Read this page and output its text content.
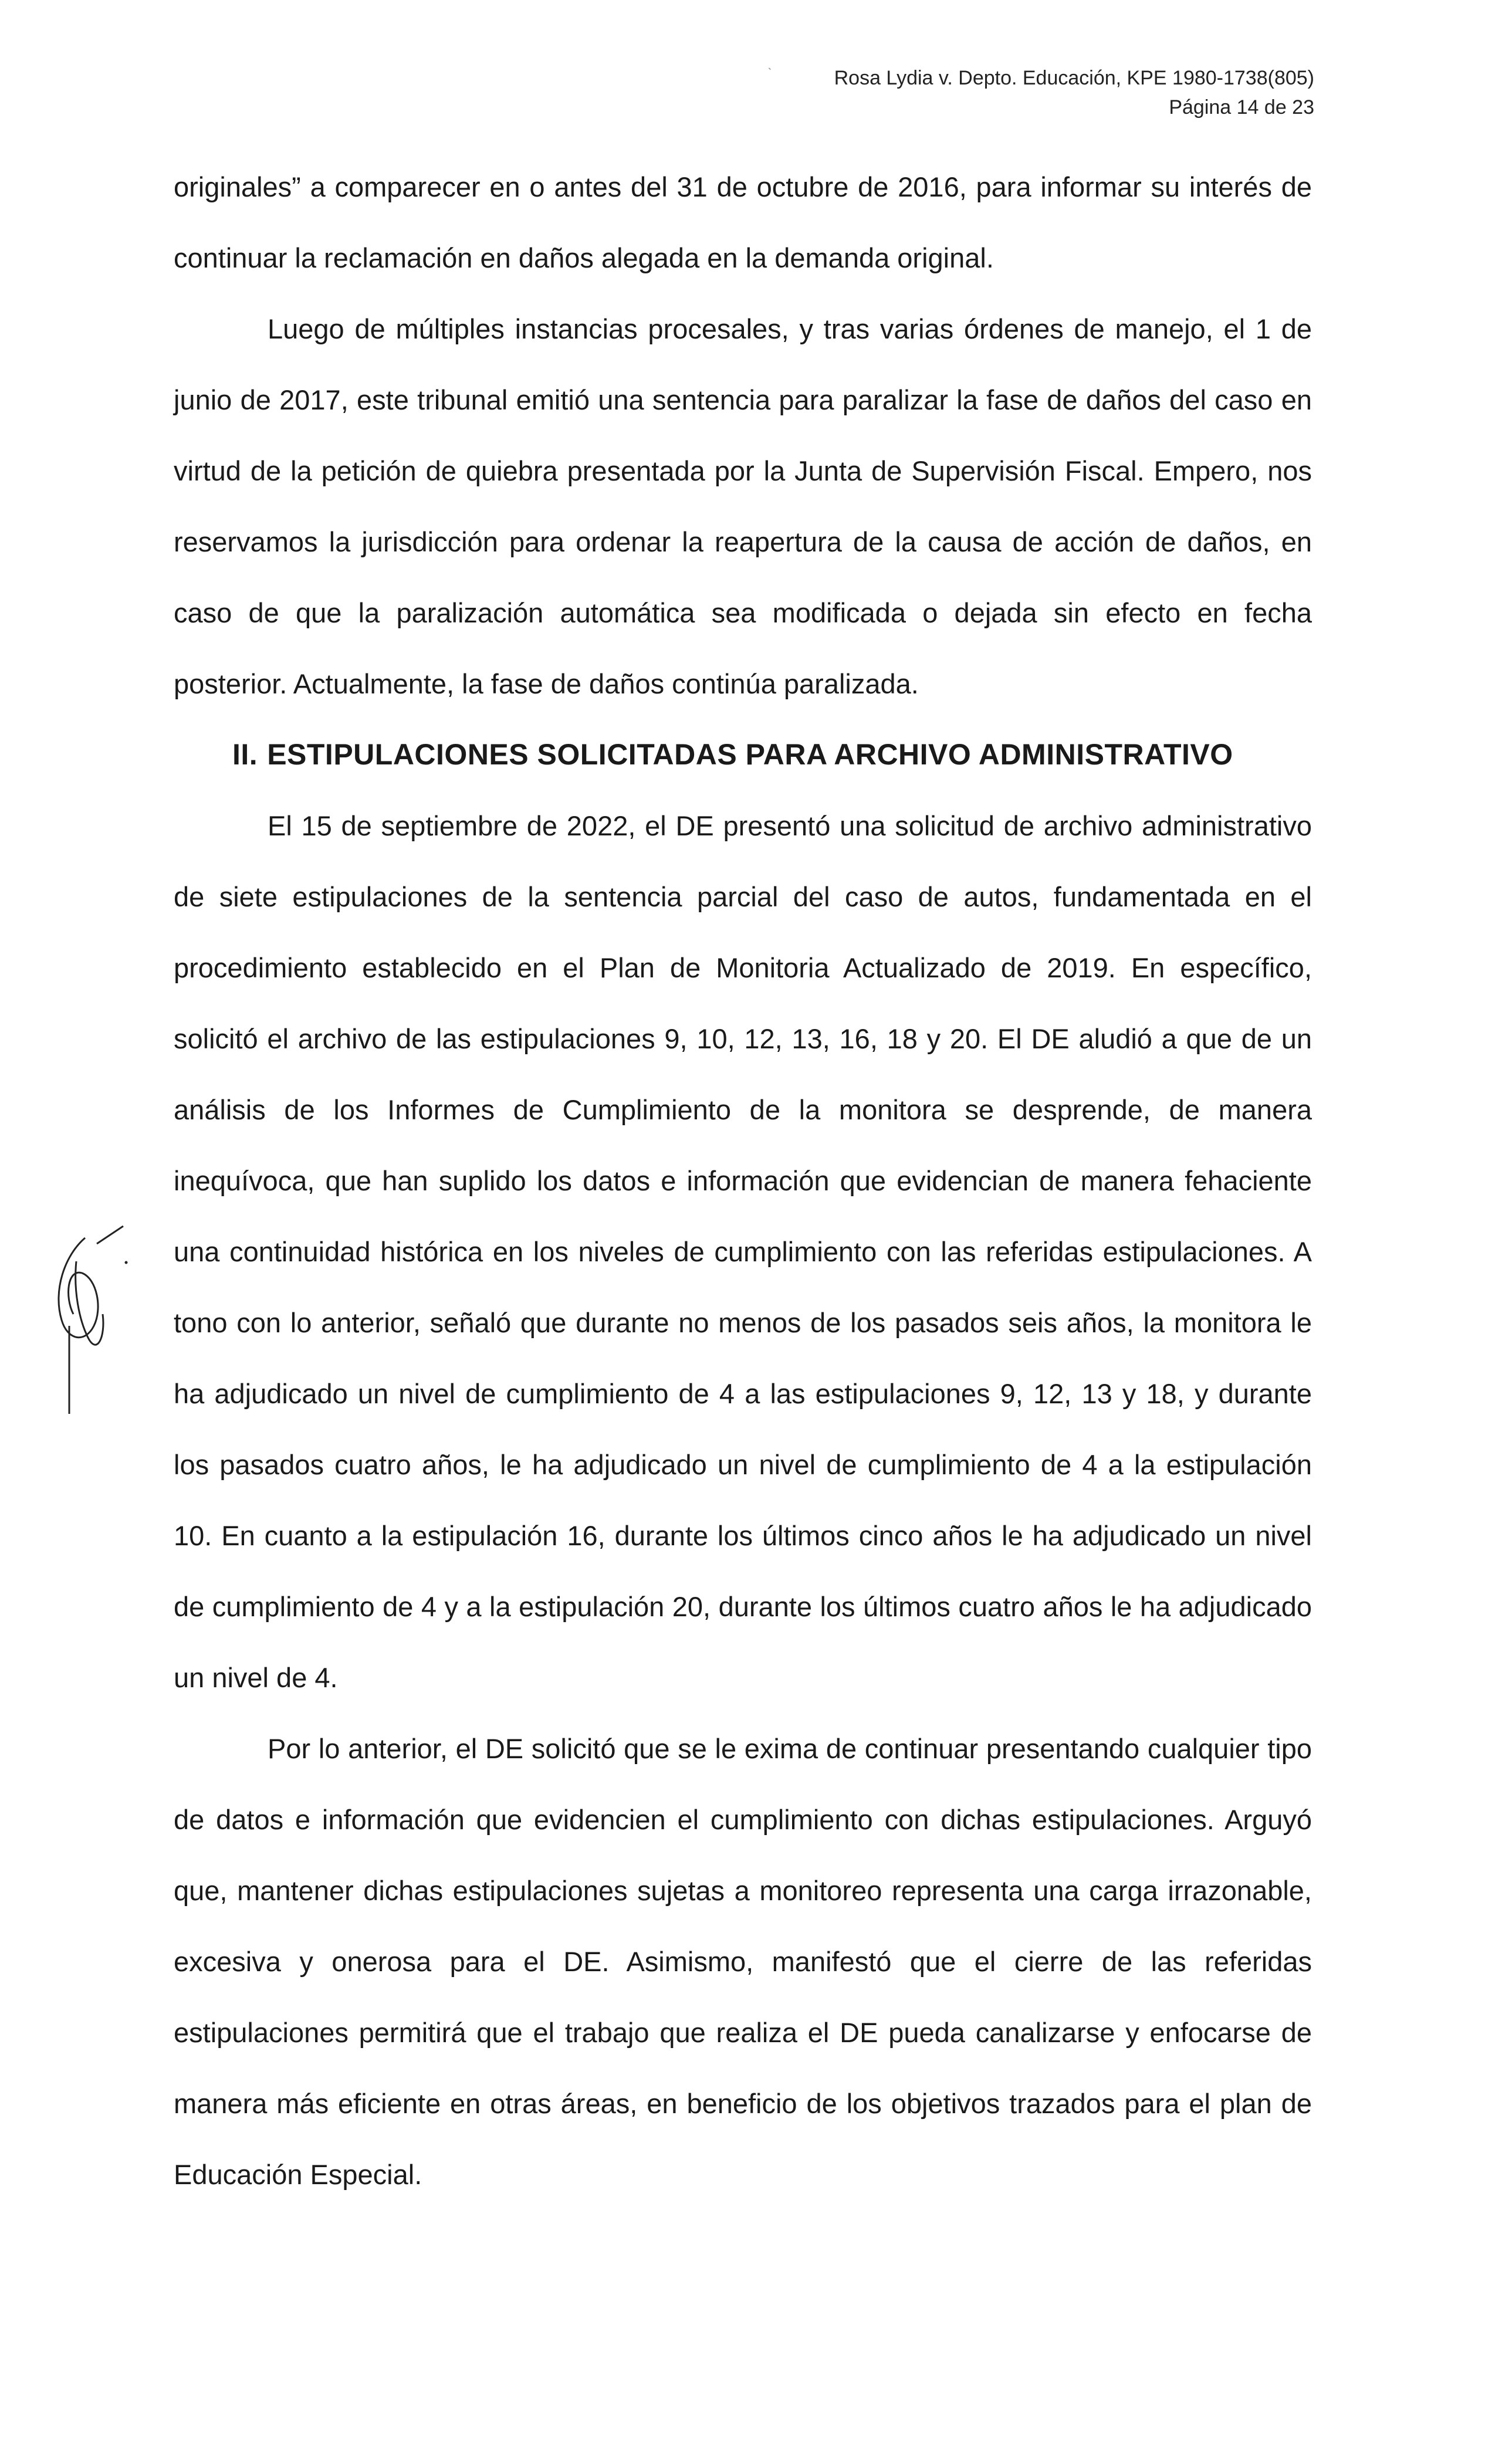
ˋ	Rosa Lydia v. Depto. Educación, KPE 1980-1738(805)
Página 14 de 23

originales” a comparecer en o antes del 31 de octubre de 2016, para informar su interés de continuar la reclamación en daños alegada en la demanda original.

Luego de múltiples instancias procesales, y tras varias órdenes de manejo, el 1 de junio de 2017, este tribunal emitió una sentencia para paralizar la fase de daños del caso en virtud de la petición de quiebra presentada por la Junta de Supervisión Fiscal. Empero, nos reservamos la jurisdicción para ordenar la reapertura de la causa de acción de daños, en caso de que la paralización automática sea modificada o dejada sin efecto en fecha posterior. Actualmente, la fase de daños continúa paralizada.

II. ESTIPULACIONES SOLICITADAS PARA ARCHIVO ADMINISTRATIVO

El 15 de septiembre de 2022, el DE presentó una solicitud de archivo administrativo de siete estipulaciones de la sentencia parcial del caso de autos, fundamentada en el procedimiento establecido en el Plan de Monitoria Actualizado de 2019. En específico, solicitó el archivo de las estipulaciones 9, 10, 12, 13, 16, 18 y 20. El DE aludió a que de un análisis de los Informes de Cumplimiento de la monitora se desprende, de manera inequívoca, que han suplido los datos e información que evidencian de manera fehaciente una continuidad histórica en los niveles de cumplimiento con las referidas estipulaciones. A tono con lo anterior, señaló que durante no menos de los pasados seis años, la monitora le ha adjudicado un nivel de cumplimiento de 4 a las estipulaciones 9, 12, 13 y 18, y durante los pasados cuatro años, le ha adjudicado un nivel de cumplimiento de 4 a la estipulación 10. En cuanto a la estipulación 16, durante los últimos cinco años le ha adjudicado un nivel de cumplimiento de 4 y a la estipulación 20, durante los últimos cuatro años le ha adjudicado un nivel de 4.

Por lo anterior, el DE solicitó que se le exima de continuar presentando cualquier tipo de datos e información que evidencien el cumplimiento con dichas estipulaciones. Arguyó que, mantener dichas estipulaciones sujetas a monitoreo representa una carga irrazonable, excesiva y onerosa para el DE. Asimismo, manifestó que el cierre de las referidas estipulaciones permitirá que el trabajo que realiza el DE pueda canalizarse y enfocarse de manera más eficiente en otras áreas, en beneficio de los objetivos trazados para el plan de Educación Especial.
